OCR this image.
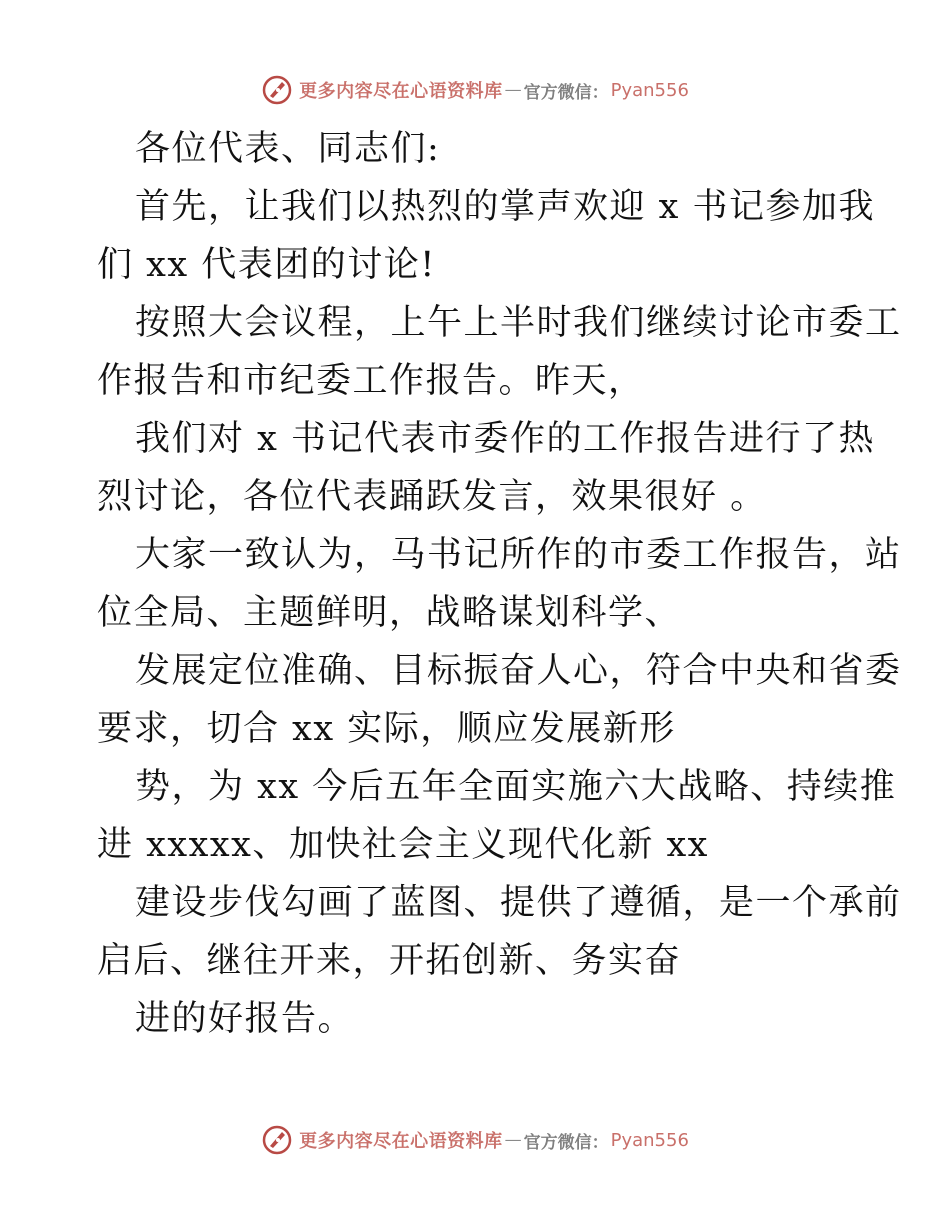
更多内容尽在心语资料库 — 官方微信： Pyan556
各位代表、同志们:
首先，让我们以热烈的掌声欢迎 x 书记参加我
们 xx 代表团的讨论!
按照大会议程，上午上半时我们继续讨论市委工
作报告和市纪委工作报告。昨天，
我们对 x 书记代表市委作的工作报告进行了热
烈讨论，各位代表踊跃发言，效果很好 。
大家一致认为，马书记所作的市委工作报告，站
位全局、主题鲜明，战略谋划科学、
发展定位准确、目标振奋人心，符合中央和省委
要求，切合 xx 实际，顺应发展新形
势，为 xx 今后五年全面实施六大战略、持续推
进 xxxxx、加快社会主义现代化新 xx
建设步伐勾画了蓝图、提供了遵循，是一个承前
启后、继往开来，开拓创新、务实奋
进的好报告。
更多内容尽在心语资料库 — 官方微信： Pyan556
